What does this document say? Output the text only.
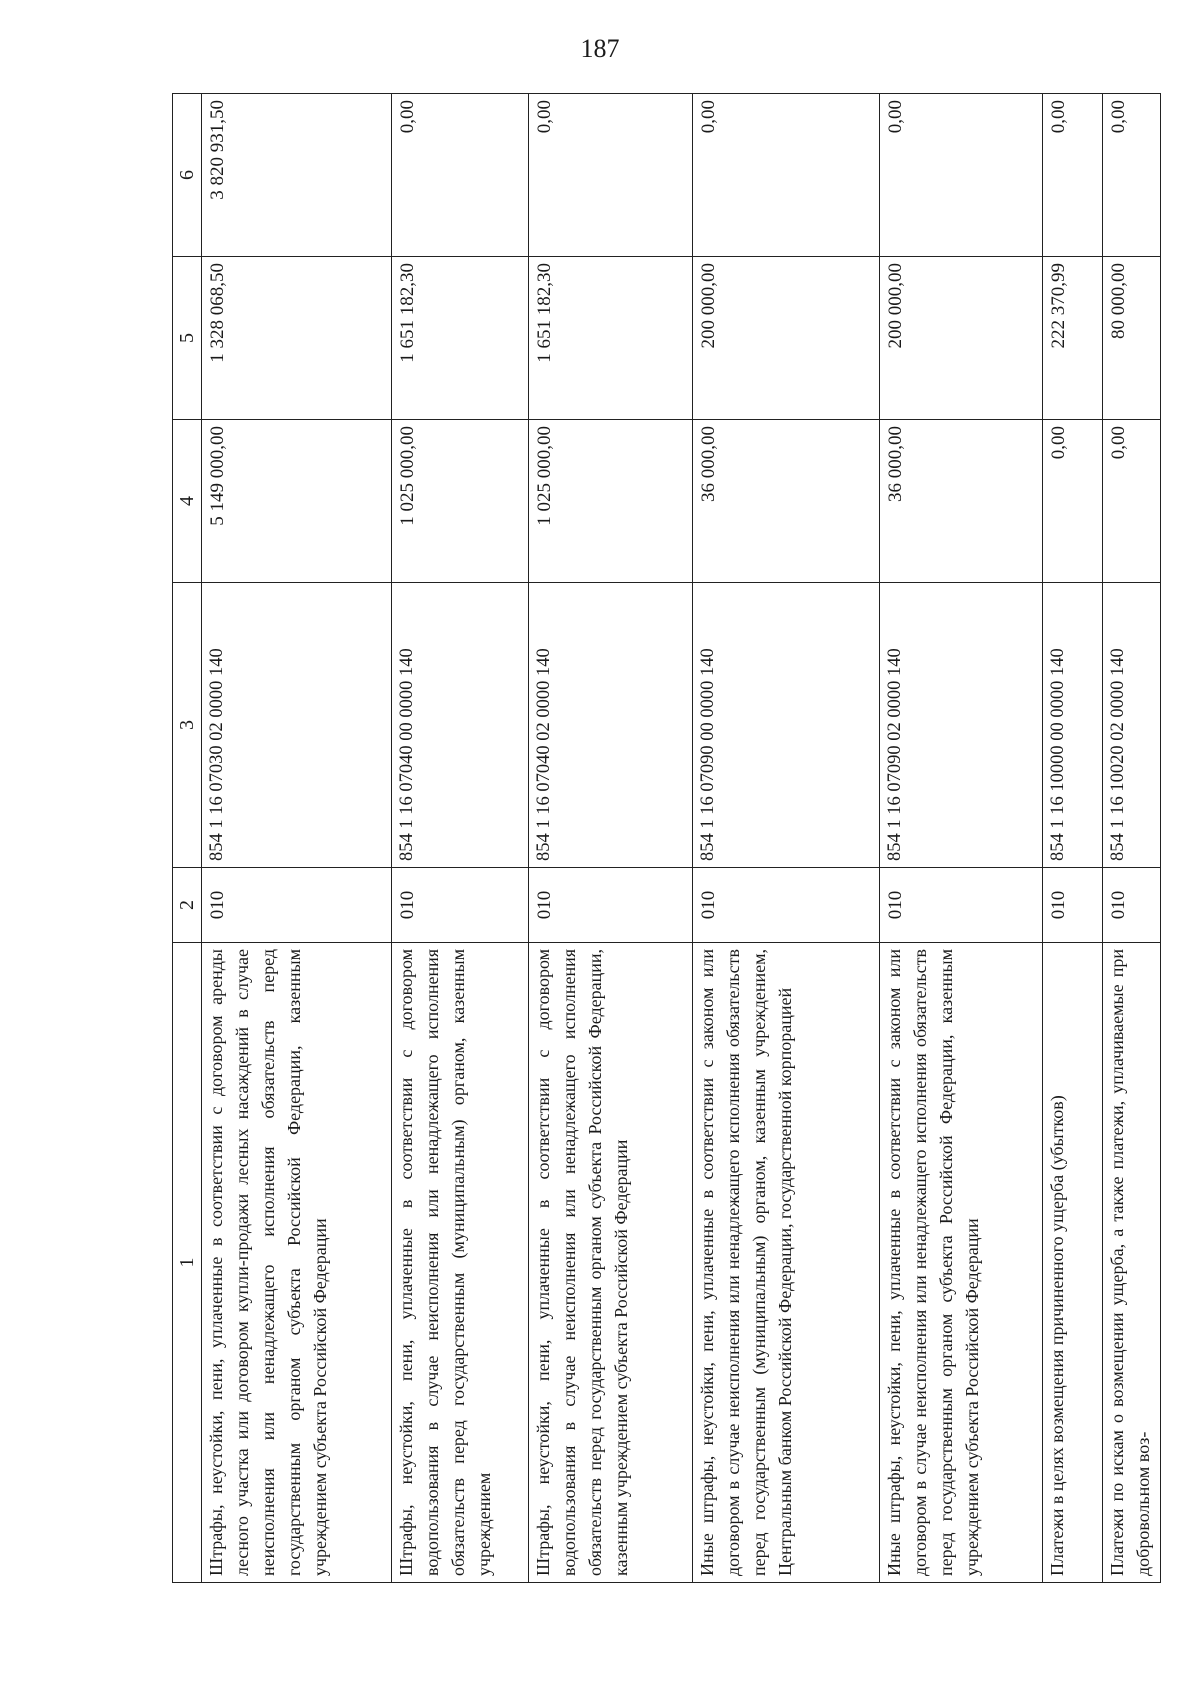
187
1	2	3	4	5	6
Штрафы, неустойки, пени, уплаченные в соответствии с договором аренды лесного участка или договором купли-продажи лесных насаждений в случае неисполнения или ненадлежащего исполнения обязательств перед государственным органом субъекта Российской Федерации, казенным учреждением субъекта Российской Федерации	010	854 1 16 07030 02 0000 140	5 149 000,00	1 328 068,50	3 820 931,50
Штрафы, неустойки, пени, уплаченные в соответствии с договором водопользования в случае неисполнения или ненадлежащего исполнения обязательств перед государственным (муниципальным) органом, казенным учреждением	010	854 1 16 07040 00 0000 140	1 025 000,00	1 651 182,30	0,00
Штрафы, неустойки, пени, уплаченные в соответствии с договором водопользования в случае неисполнения или ненадлежащего исполнения обязательств перед государственным органом субъекта Российской Федерации, казенным учреждением субъекта Российской Федерации	010	854 1 16 07040 02 0000 140	1 025 000,00	1 651 182,30	0,00
Иные штрафы, неустойки, пени, уплаченные в соответствии с законом или договором в случае неисполнения или ненадлежащего исполнения обязательств перед государственным (муниципальным) органом, казенным учреждением, Центральным банком Российской Федерации, государственной корпорацией	010	854 1 16 07090 00 0000 140	36 000,00	200 000,00	0,00
Иные штрафы, неустойки, пени, уплаченные в соответствии с законом или договором в случае неисполнения или ненадлежащего исполнения обязательств перед государственным органом субъекта Российской Федерации, казенным учреждением субъекта Российской Федерации	010	854 1 16 07090 02 0000 140	36 000,00	200 000,00	0,00
Платежи в целях возмещения причиненного ущерба (убытков)	010	854 1 16 10000 00 0000 140	0,00	222 370,99	0,00
Платежи по искам о возмещении ущерба, а также платежи, уплачиваемые при добровольном воз-	010	854 1 16 10020 02 0000 140	0,00	80 000,00	0,00
